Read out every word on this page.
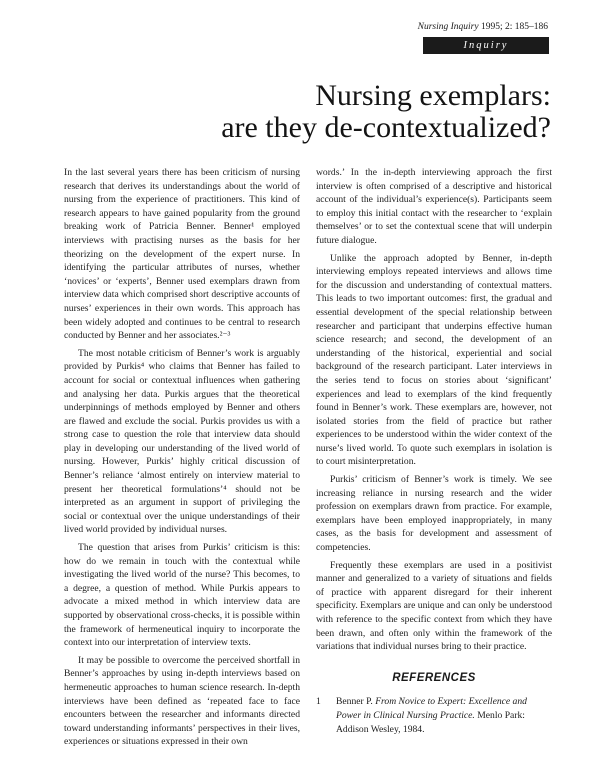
Nursing Inquiry 1995; 2: 185–186
Inquiry
Nursing exemplars:
are they de-contextualized?

In the last several years there has been criticism of nursing research that derives its understandings about the world of nursing from the experience of practitioners. This kind of research appears to have gained popularity from the ground breaking work of Patricia Benner. Benner¹ employed interviews with practising nurses as the basis for her theorizing on the development of the expert nurse. In identifying the particular attributes of nurses, whether ‘novices’ or ‘experts’, Benner used exemplars drawn from interview data which comprised short descriptive accounts of nurses’ experiences in their own words. This approach has been widely adopted and continues to be central to research conducted by Benner and her associates.²⁻³

The most notable criticism of Benner’s work is arguably provided by Purkis⁴ who claims that Benner has failed to account for social or contextual influences when gathering and analysing her data. Purkis argues that the theoretical underpinnings of methods employed by Benner and others are flawed and exclude the social. Purkis provides us with a strong case to question the role that interview data should play in developing our understanding of the lived world of nursing. However, Purkis’ highly critical discussion of Benner’s reliance ‘almost entirely on interview material to present her theoretical formulations’⁴ should not be interpreted as an argument in support of privileging the social or contextual over the unique understandings of their lived world provided by individual nurses.

The question that arises from Purkis’ criticism is this: how do we remain in touch with the contextual while investigating the lived world of the nurse? This becomes, to a degree, a question of method. While Purkis appears to advocate a mixed method in which interview data are supported by observational cross-checks, it is possible within the framework of hermeneutical inquiry to incorporate the context into our interpretation of interview texts.

It may be possible to overcome the perceived shortfall in Benner’s approaches by using in-depth interviews based on hermeneutic approaches to human science research. In-depth interviews have been defined as ‘repeated face to face encounters between the researcher and informants directed toward understanding informants’ perspectives in their lives, experiences or situations expressed in their own

words.’ In the in-depth interviewing approach the first interview is often comprised of a descriptive and historical account of the individual’s experience(s). Participants seem to employ this initial contact with the researcher to ‘explain themselves’ or to set the contextual scene that will underpin future dialogue.

Unlike the approach adopted by Benner, in-depth interviewing employs repeated interviews and allows time for the discussion and understanding of contextual matters. This leads to two important outcomes: first, the gradual and essential development of the special relationship between researcher and participant that underpins effective human science research; and second, the development of an understanding of the historical, experiential and social background of the research participant. Later interviews in the series tend to focus on stories about ‘significant’ experiences and lead to exemplars of the kind frequently found in Benner’s work. These exemplars are, however, not isolated stories from the field of practice but rather experiences to be understood within the wider context of the nurse’s lived world. To quote such exemplars in isolation is to court misinterpretation.

Purkis’ criticism of Benner’s work is timely. We see increasing reliance in nursing research and the wider profession on exemplars drawn from practice. For example, exemplars have been employed inappropriately, in many cases, as the basis for development and assessment of competencies.

Frequently these exemplars are used in a positivist manner and generalized to a variety of situations and fields of practice with apparent disregard for their inherent specificity. Exemplars are unique and can only be understood with reference to the specific context from which they have been drawn, and often only within the framework of the variations that individual nurses bring to their practice.

REFERENCES
1	Benner P. From Novice to Expert: Excellence and Power in Clinical Nursing Practice. Menlo Park: Addison Wesley, 1984.
